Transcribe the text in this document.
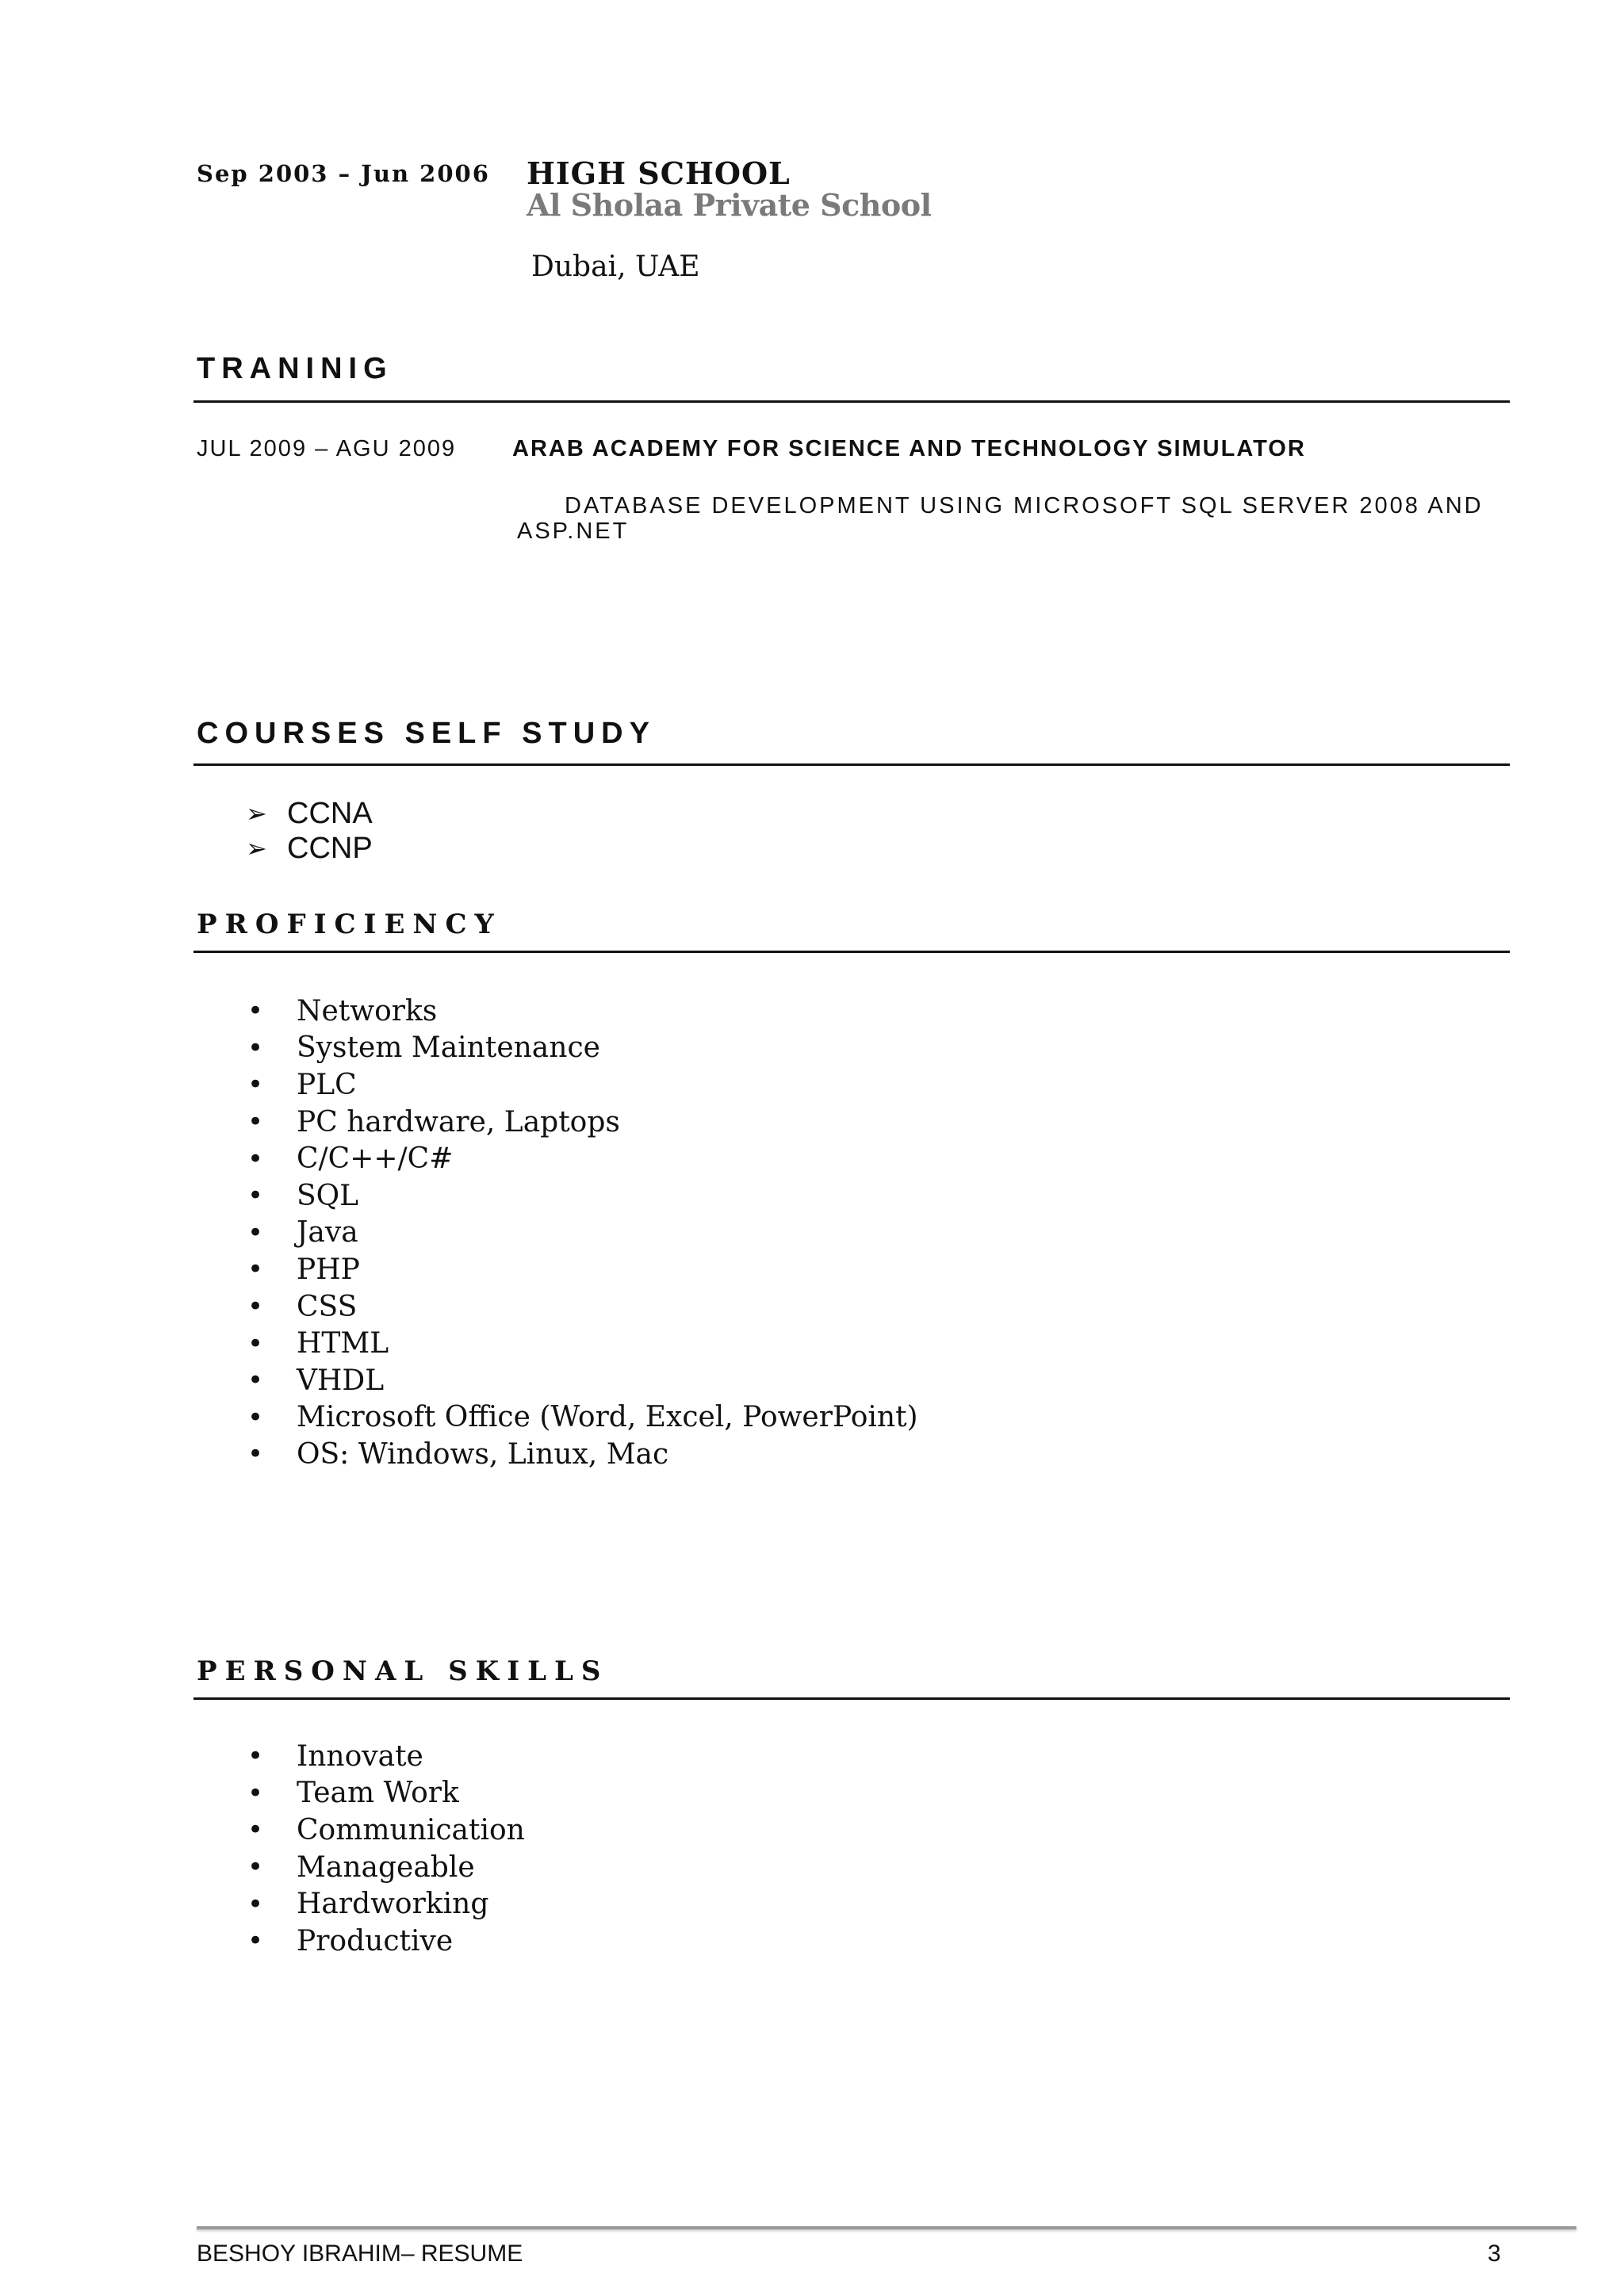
Sep 2003 – Jun 2006 HIGH SCHOOL
Al Sholaa Private School
Dubai, UAE
TRANINIG
JUL 2009 – AGU 2009 ARAB ACADEMY FOR SCIENCE AND TECHNOLOGY SIMULATOR
DATABASE DEVELOPMENT USING MICROSOFT SQL SERVER 2008 AND ASP.NET
COURSES SELF STUDY
➢ CCNA
➢ CCNP
PROFICIENCY
•	Networks
•	System Maintenance
•	PLC
•	PC hardware, Laptops
•	C/C++/C#
•	SQL
•	Java
•	PHP
•	CSS
•	HTML
•	VHDL
•	Microsoft Office (Word, Excel, PowerPoint)
•	OS: Windows, Linux, Mac
PERSONAL SKILLS
•	Innovate
•	Team Work
•	Communication
•	Manageable
•	Hardworking
•	Productive
BESHOY IBRAHIM– RESUME	3
